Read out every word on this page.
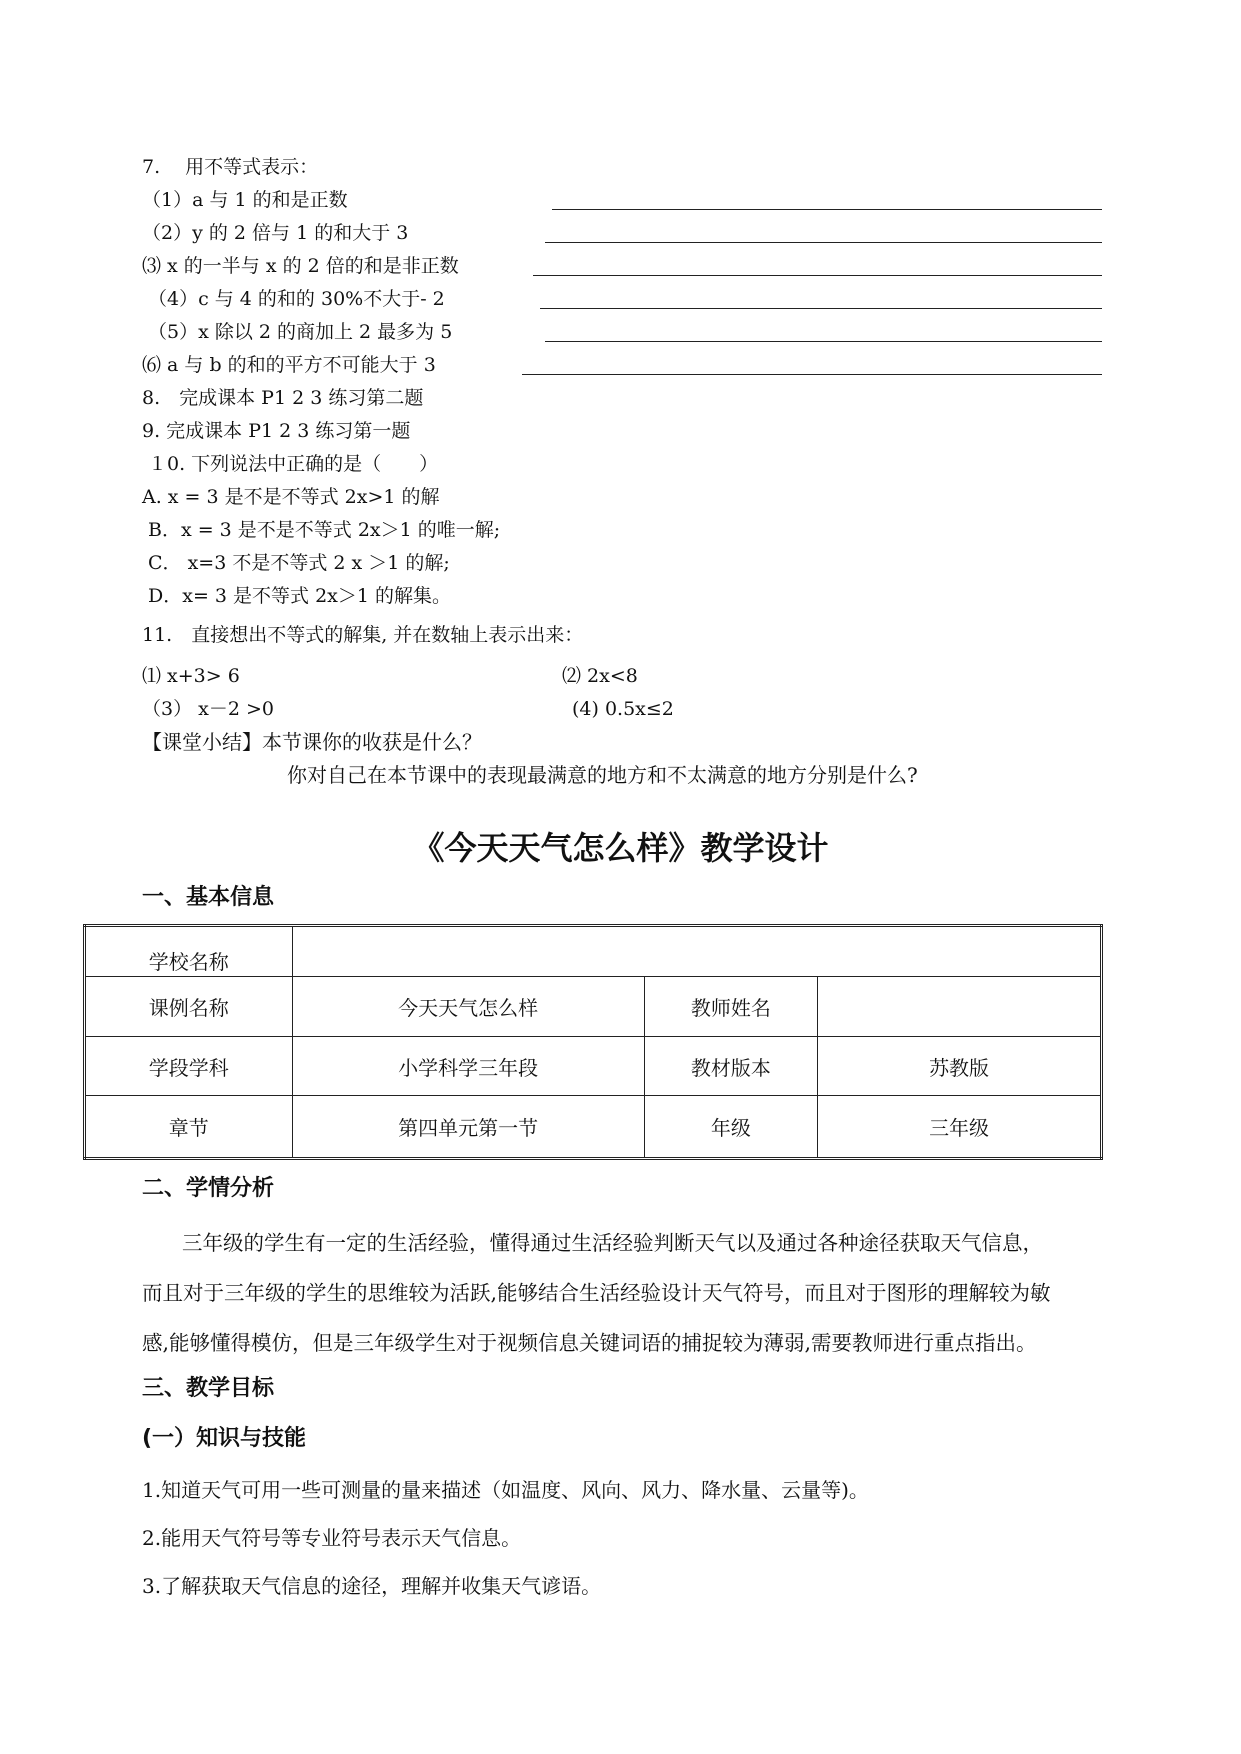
7.　 用不等式表示：
（1）a 与 1 的和是正数
（2）y 的 2 倍与 1 的和大于 3
⑶ x 的一半与 x 的 2 倍的和是非正数
（4）c 与 4 的和的 30%不大于- 2
（5）x 除以 2 的商加上 2 最多为 5
⑹ a 与 b 的和的平方不可能大于 3
8.　完成课本 P1 2 3 练习第二题
9. 完成课本 P1 2 3 练习第一题
１0. 下列说法中正确的是（　　）
A. x = 3 是不是不等式 2x>1 的解
B．x = 3 是不是不等式 2x＞1 的唯一解;
C． x=3 不是不等式 2 x ＞1 的解;
D．x= 3 是不等式 2x＞1 的解集。
11.　直接想出不等式的解集, 并在数轴上表示出来：
⑴ x+3> 6	⑵ 2x<8
（3） x－2 >0	(4) 0.5x≤2
【课堂小结】本节课你的收获是什么？
你对自己在本节课中的表现最满意的地方和不太满意的地方分别是什么?
《今天天气怎么样》教学设计
一、基本信息
学校名称			
课例名称	今天天气怎么样	教师姓名	
学段学科	小学科学三年段	教材版本	苏教版
章节	第四单元第一节	年级	三年级
二、学情分析
三年级的学生有一定的生活经验，懂得通过生活经验判断天气以及通过各种途径获取天气信息，
而且对于三年级的学生的思维较为活跃,能够结合生活经验设计天气符号，而且对于图形的理解较为敏
感,能够懂得模仿，但是三年级学生对于视频信息关键词语的捕捉较为薄弱,需要教师进行重点指出。
三、教学目标
(一）知识与技能
1.知道天气可用一些可测量的量来描述（如温度、风向、风力、降水量、云量等)。
2.能用天气符号等专业符号表示天气信息。
3.了解获取天气信息的途径，理解并收集天气谚语。
